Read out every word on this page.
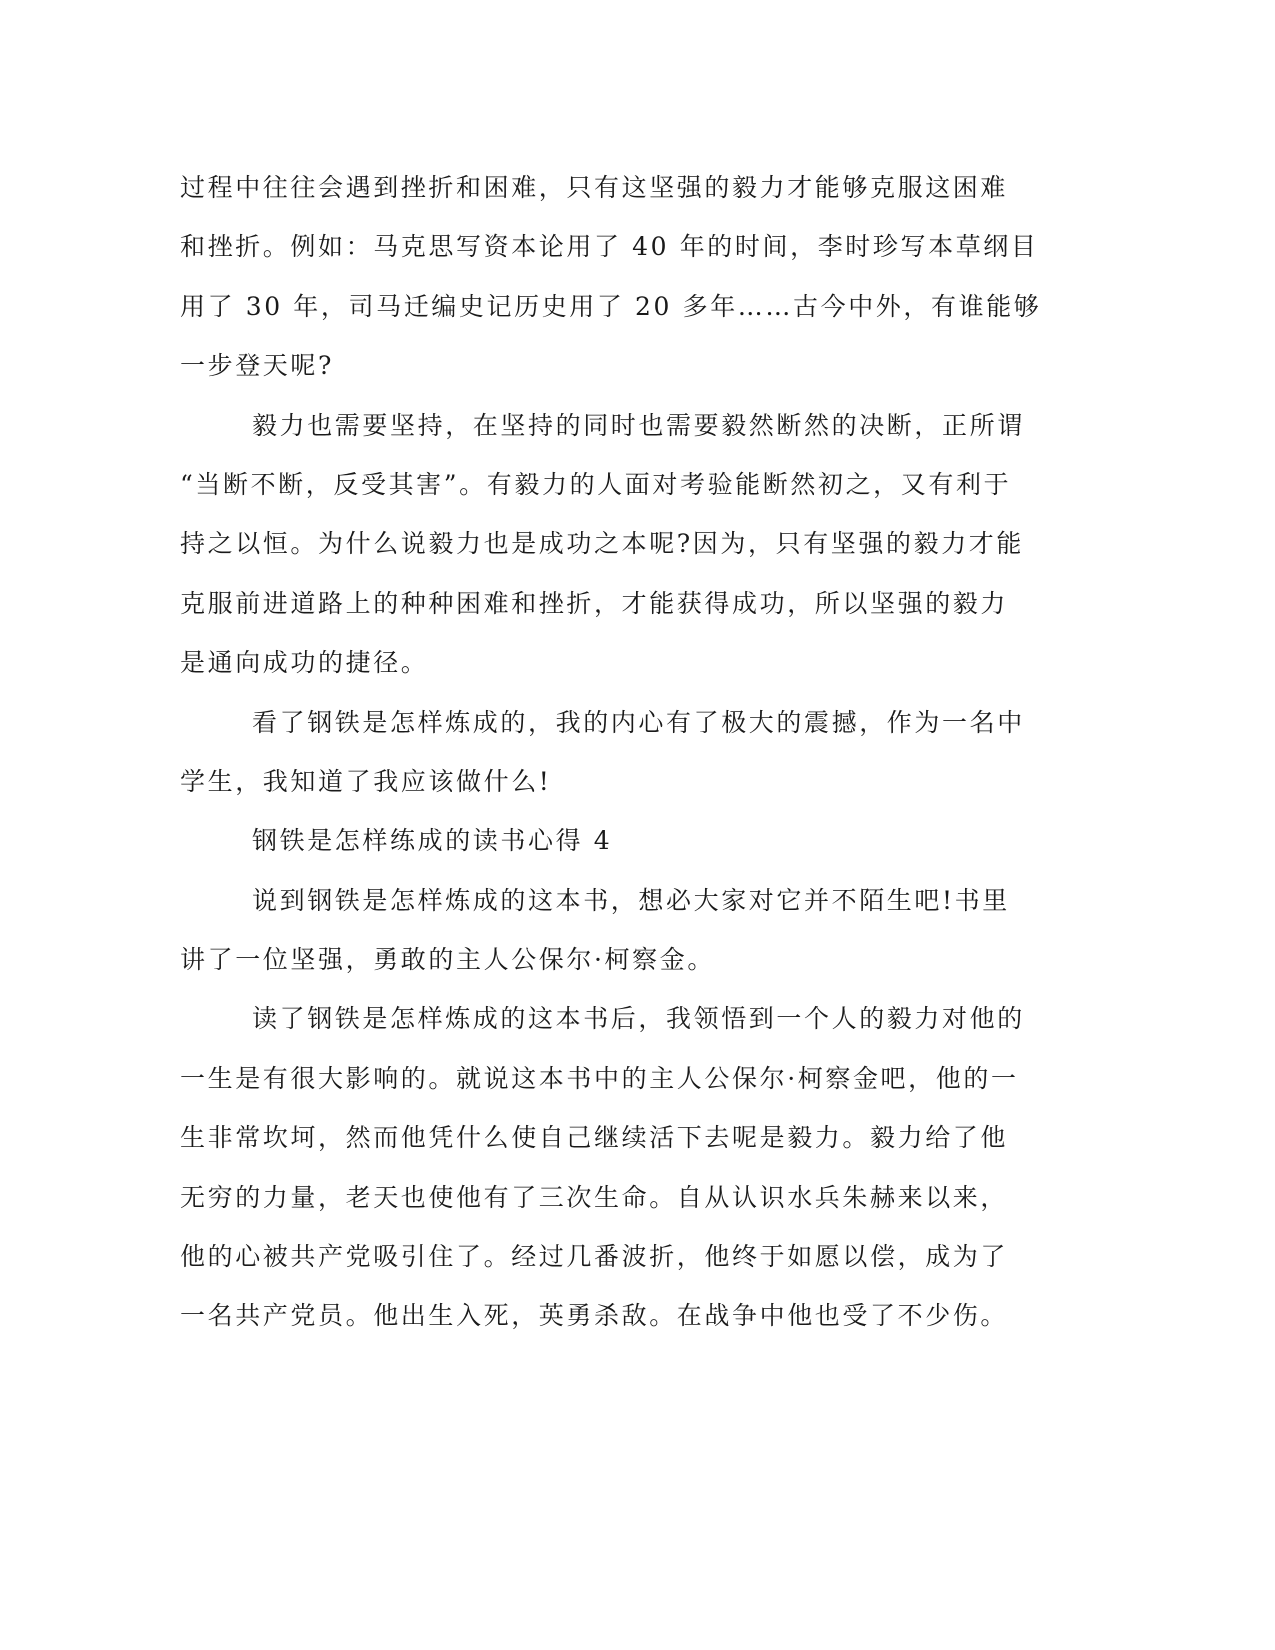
过程中往往会遇到挫折和困难，只有这坚强的毅力才能够克服这困难
和挫折。例如：马克思写资本论用了 40 年的时间，李时珍写本草纲目
用了 30 年，司马迁编史记历史用了 20 多年……古今中外，有谁能够
一步登天呢?
毅力也需要坚持，在坚持的同时也需要毅然断然的决断，正所谓
“当断不断，反受其害”。有毅力的人面对考验能断然初之，又有利于
持之以恒。为什么说毅力也是成功之本呢?因为，只有坚强的毅力才能
克服前进道路上的种种困难和挫折，才能获得成功，所以坚强的毅力
是通向成功的捷径。
看了钢铁是怎样炼成的，我的内心有了极大的震撼，作为一名中
学生，我知道了我应该做什么!
钢铁是怎样练成的读书心得 4
说到钢铁是怎样炼成的这本书，想必大家对它并不陌生吧!书里
讲了一位坚强，勇敢的主人公保尔·柯察金。
读了钢铁是怎样炼成的这本书后，我领悟到一个人的毅力对他的
一生是有很大影响的。就说这本书中的主人公保尔·柯察金吧，他的一
生非常坎坷，然而他凭什么使自己继续活下去呢是毅力。毅力给了他
无穷的力量，老天也使他有了三次生命。自从认识水兵朱赫来以来，
他的心被共产党吸引住了。经过几番波折，他终于如愿以偿，成为了
一名共产党员。他出生入死，英勇杀敌。在战争中他也受了不少伤。
